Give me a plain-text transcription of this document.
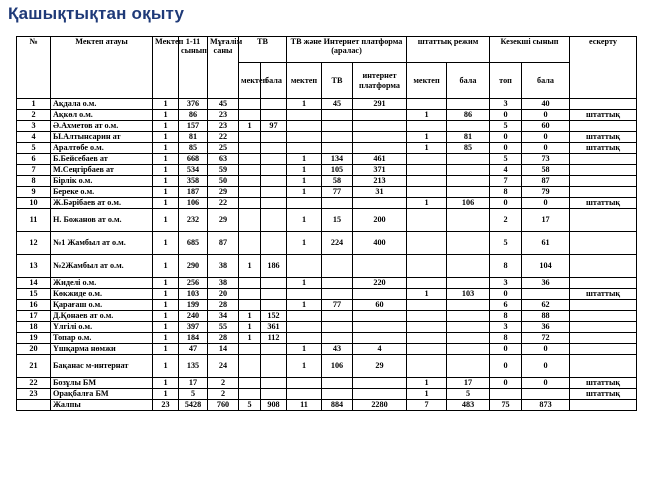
Қашықтықтан оқыту
№	Мектеп атауы	Мектеп	1-11 сынып	Мұғалім саны	ТВ		ТВ және Интернет платформа (аралас)			штаттық режим		Кезекші сынып		ескерту
					мектеп	бала	мектеп	ТВ	интернет платформа	мектеп	бала	топ	бала	
1	Ақдала о.м.	1	376	45			1	45	291			3	40	
2	Ақкөл о.м.	1	86	23						1	86	0	0	штаттық
3	Ә.Ахметов ат о.м.	1	157	23	1	97						5	60	
4	Ы.Алтынсарин ат	1	81	22						1	81	0	0	штаттық
5	Аралтөбе о.м.	1	85	25						1	85	0	0	штаттық
6	Б.Бейсебаев ат	1	668	63			1	134	461			5	73	
7	М.Сеңгірбаев ат	1	534	59			1	105	371			4	58	
8	Бірлік о.м.	1	358	50			1	58	213			7	87	
9	Береке о.м.	1	187	29			1	77	31			8	79	
10	Ж.Бәрібаев ат о.м.	1	106	22						1	106	0	0	штаттық
11	Н. Божанов ат о.м.	1	232	29			1	15	200			2	17	
12	№1 Жамбыл ат о.м.	1	685	87			1	224	400			5	61	
13	№2Жамбыл ат о.м.	1	290	38	1	186						8	104	
14	Жиделі о.м.	1	256	38			1		220			3	36	
15	Көкжиде о.м.	1	103	20						1	103	0		штаттық
16	Қарағаш о.м.	1	199	28			1	77	60			6	62	
17	Д.Қонаев ат о.м.	1	240	34	1	152						8	88	
18	Үлгілі о.м.	1	397	55	1	361						3	36	
19	Топар о.м.	1	184	28	1	112						8	72	
20	Үшқарма нөмжи	1	47	14			1	43	4			0	0	
21	Бақанас м-интернат	1	135	24			1	106	29			0	0	
22	Бозұлы БМ	1	17	2						1	17	0	0	штаттық
23	Орақбалға БМ	1	5	2						1	5			штаттық
	Жалпы	23	5428	760	5	908	11	884	2280	7	483	75	873	
